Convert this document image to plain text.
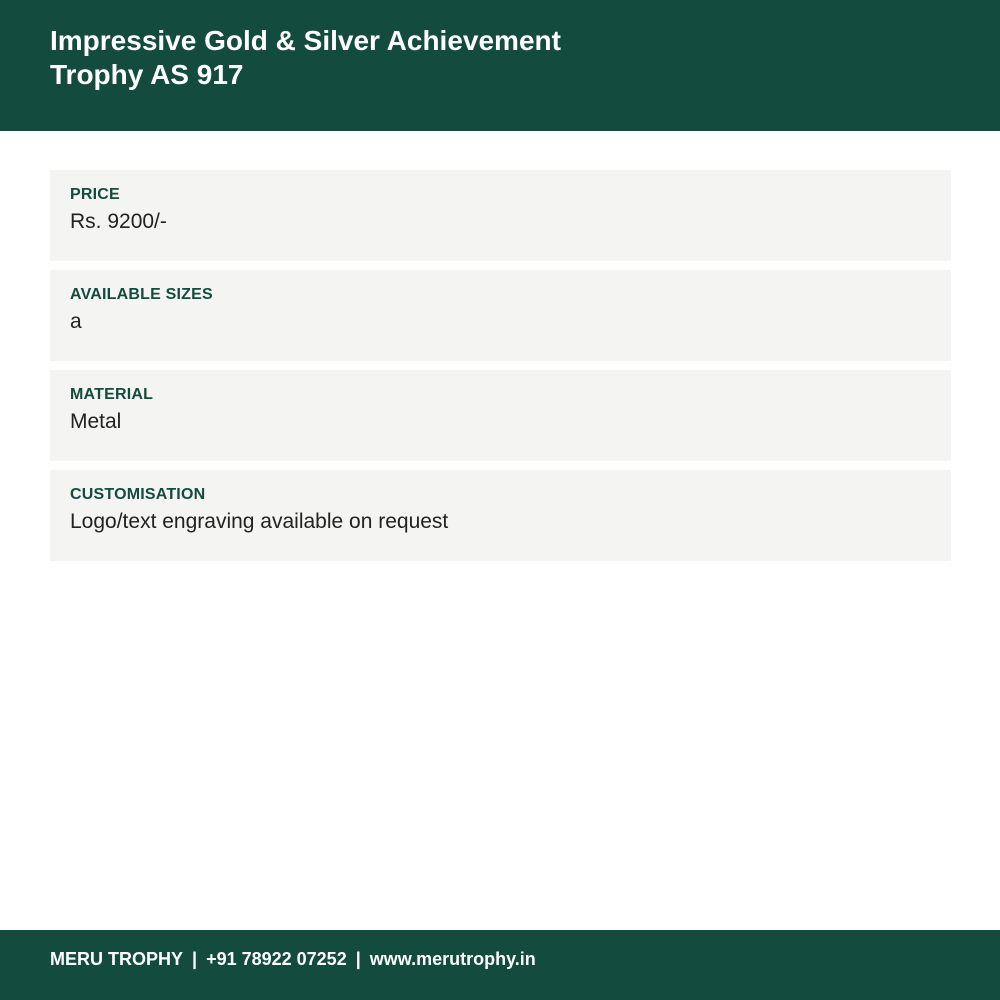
Impressive Gold & Silver Achievement
Trophy AS 917
PRICE
Rs. 9200/-
AVAILABLE SIZES
a
MATERIAL
Metal
CUSTOMISATION
Logo/text engraving available on request
MERU TROPHY | +91 78922 07252 | www.merutrophy.in
